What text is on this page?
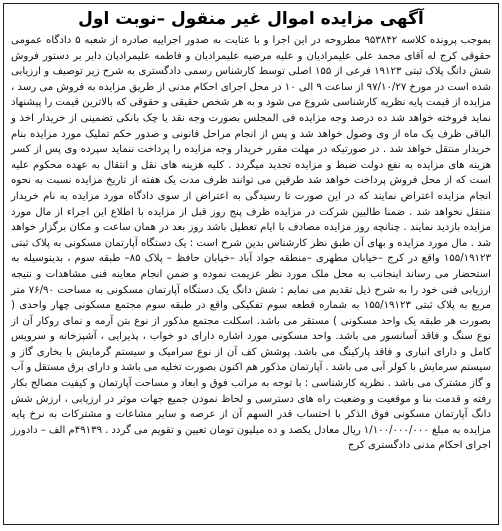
آگهی مزایده اموال غیر منقول –نوبت اول

بموجب پرونده کلاسه ۹۵۳۸۴۲ مطروحه در این اجرا و با عنایت به صدور اجراییه صادره از شعبه ۵ دادگاه عمومی حقوقی کرج له آقای محمد علی علیمرادیان و علیه مرضیه علیمرادیان و فاطمه علیمرادیان دایر بر دستور فروش شش دانگ پلاک ثبتی ۱۹۱۲۳ فرعی از ۱۵۵ اصلی توسط کارشناس رسمی دادگستری به شرح زیر توصیف و ارزیابی شده است در مورخ ۹۷/۱۰/۲۷ از ساعت ۹ الی ۱۰ در محل اجرای احکام مدنی از طریق مزایده به فروش می رسد ، مزایده از قیمت پایه نظریه کارشناسی شروع می شود و به هر شخص حقیقی و حقوقی که بالاترین قیمت را پیشنهاد نماید فروخته خواهد شد ده درصد وجه مزایده فی المجلس بصورت وجه نقد یا چک بانکی تضمینی از خریدار اخذ و الباقی ظرف یک ماه از وی وصول خواهد شد و پس از انجام مراحل قانونی و صدور حکم تملیک مورد مزایده بنام خریدار منتقل خواهد شد . در صورتیکه در مهلت مقرر خریدار وجه مزایده را پرداخت ننماید سپرده وی پس از کسر هزینه های مزایده به نفع دولت ضبط و مزایده تجدید میگردد . کلیه هزینه های نقل و انتقال به عهده محکوم علیه است که از محل فروش پرداخت خواهد شد طرفین می توانند ظرف مدت یک هفته از تاریخ مزایده نسبت به نحوه انجام مزایده اعتراض نمایند که در این صورت تا رسیدگی به اعتراض از سوی دادگاه مورد مزایده به نام خریدار منتقل نخواهد شد . ضمنا طالبین شرکت در مزایده ظرف پنج روز قبل از مزایده با اطلاع این اجراء از مال مورد مزایده بازدید نمایند . چنانچه روز مزایده مصادف با ایام تعطیل باشد روز بعد در همان ساعت و مکان برگزار خواهد شد . مال مورد مزایده و بهای آن طبق نظر کارشناس بدین شرح است : یک دستگاه آپارتمان مسکونی به پلاک ثبتی ۱۵۵/۱۹۱۲۳ واقع در کرج –خیابان مطهری –منطقه جواد آباد –خیابان حافظ – پلاک ۸۵– طبقه سوم ، بدینوسیله به استحضار می رساند اینجانب به محل ملک مورد نظر عزیمت نموده و ضمن انجام معاینه فنی مشاهدات و نتیجه ارزیابی فنی خود را به شرح ذیل تقدیم می نمایم : شش دانگ یک دستگاه آپارتمان مسکونی به مساحت ۷۶/۹۰ متر مربع به پلاک ثبتی ۱۵۵/۱۹۱۲۳ به شماره قطعه سوم تفکیکی واقع در طبقه سوم مجتمع مسکونی چهار واحدی ( بصورت هر طبقه یک واحد مسکونی ) مستقر می باشد. اسکلت مجتمع مذکور از نوع بتن آرمه و نمای روکار آن از نوع سنگ و فاقد آسانسور می باشد. واحد مسکونی مورد اشاره دارای دو خواب ، پذیرایی ، آشپزخانه و سرویس کامل و دارای انباری و فاقد پارکینگ می باشد. پوشش کف آن از نوع سرامیک و سیستم گرمایش با بخاری گاز و سیستم سرمایش با کولر آبی می باشد . آپارتمان مذکور هم اکنون بصورت تخلیه می باشد و دارای برق مستقل و آب و گاز مشترک می باشد . نظریه کارشناسی : با توجه به مراتب فوق و ابعاد و مساحت آپارتمان و کیفیت مصالح بکار رفته و قدمت بنا و موقعیت و وضعیت راه های دسترسی و لحاظ نمودن جمیع جهات موثر در ارزیابی ، ارزش شش دانگ آپارتمان مسکونی فوق الذکر با احتساب قدر السهم آن از عرصه و سایر مشاعات و مشترکات به نرخ پایه مزایده به مبلغ ۱/۱۰۰/۰۰۰/۰۰۰ ریال معادل یکصد و ده میلیون تومان تعیین و تقویم می گردد . ۴۹۱۳۹م الف – دادورز اجرای احکام مدنی دادگستری کرج
